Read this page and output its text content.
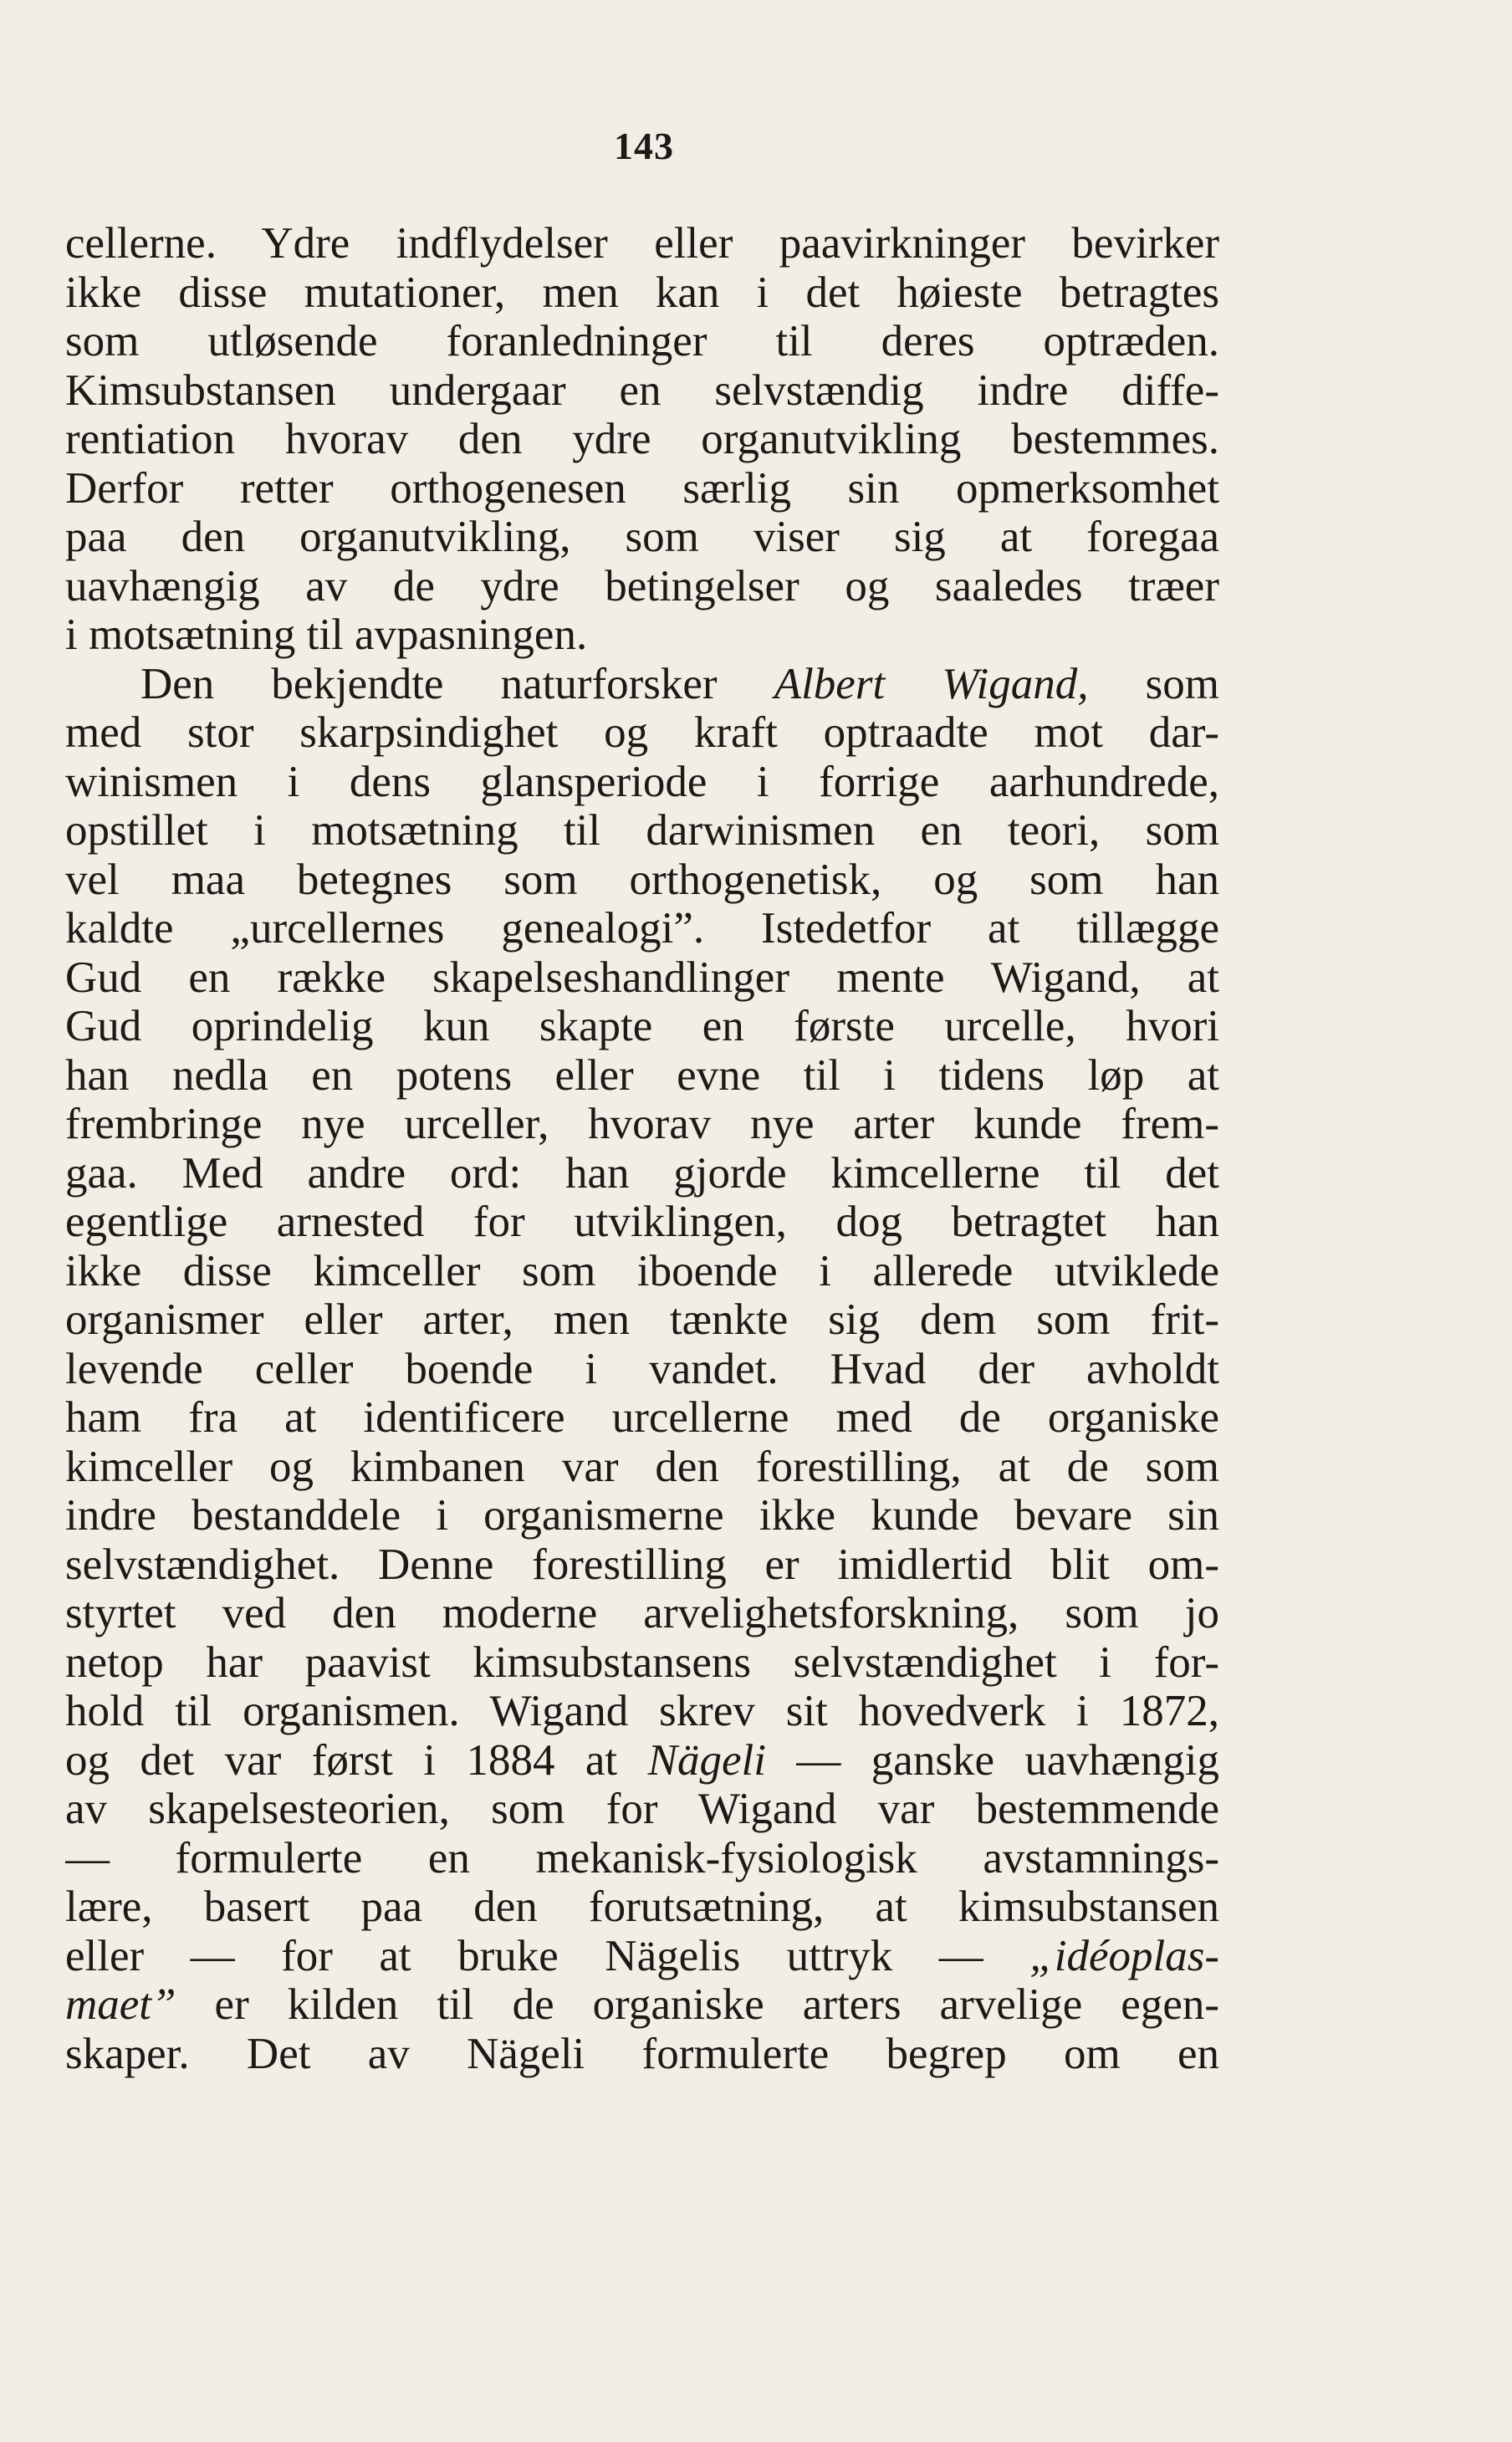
143
cellerne. Ydre indflydelser eller paavirkninger bevirker
ikke disse mutationer, men kan i det høieste betragtes
som utløsende foranledninger til deres optræden.
Kimsubstansen undergaar en selvstændig indre diffe-
rentiation hvorav den ydre organutvikling bestemmes.
Derfor retter orthogenesen særlig sin opmerksomhet
paa den organutvikling, som viser sig at foregaa
uavhængig av de ydre betingelser og saaledes træer
i motsætning til avpasningen.
Den bekjendte naturforsker Albert Wigand, som
med stor skarpsindighet og kraft optraadte mot dar-
winismen i dens glansperiode i forrige aarhundrede,
opstillet i motsætning til darwinismen en teori, som
vel maa betegnes som orthogenetisk, og som han
kaldte „urcellernes genealogi”. Istedetfor at tillægge
Gud en række skapelseshandlinger mente Wigand, at
Gud oprindelig kun skapte en første urcelle, hvori
han nedla en potens eller evne til i tidens løp at
frembringe nye urceller, hvorav nye arter kunde frem-
gaa. Med andre ord: han gjorde kimcellerne til det
egentlige arnested for utviklingen, dog betragtet han
ikke disse kimceller som iboende i allerede utviklede
organismer eller arter, men tænkte sig dem som frit-
levende celler boende i vandet. Hvad der avholdt
ham fra at identificere urcellerne med de organiske
kimceller og kimbanen var den forestilling, at de som
indre bestanddele i organismerne ikke kunde bevare sin
selvstændighet. Denne forestilling er imidlertid blit om-
styrtet ved den moderne arvelighetsforskning, som jo
netop har paavist kimsubstansens selvstændighet i for-
hold til organismen. Wigand skrev sit hovedverk i 1872,
og det var først i 1884 at Nägeli — ganske uavhængig
av skapelsesteorien, som for Wigand var bestemmende
— formulerte en mekanisk-fysiologisk avstamnings-
lære, basert paa den forutsætning, at kimsubstansen
eller — for at bruke Nägelis uttryk — „idéoplas-
maet” er kilden til de organiske arters arvelige egen-
skaper. Det av Nägeli formulerte begrep om en
